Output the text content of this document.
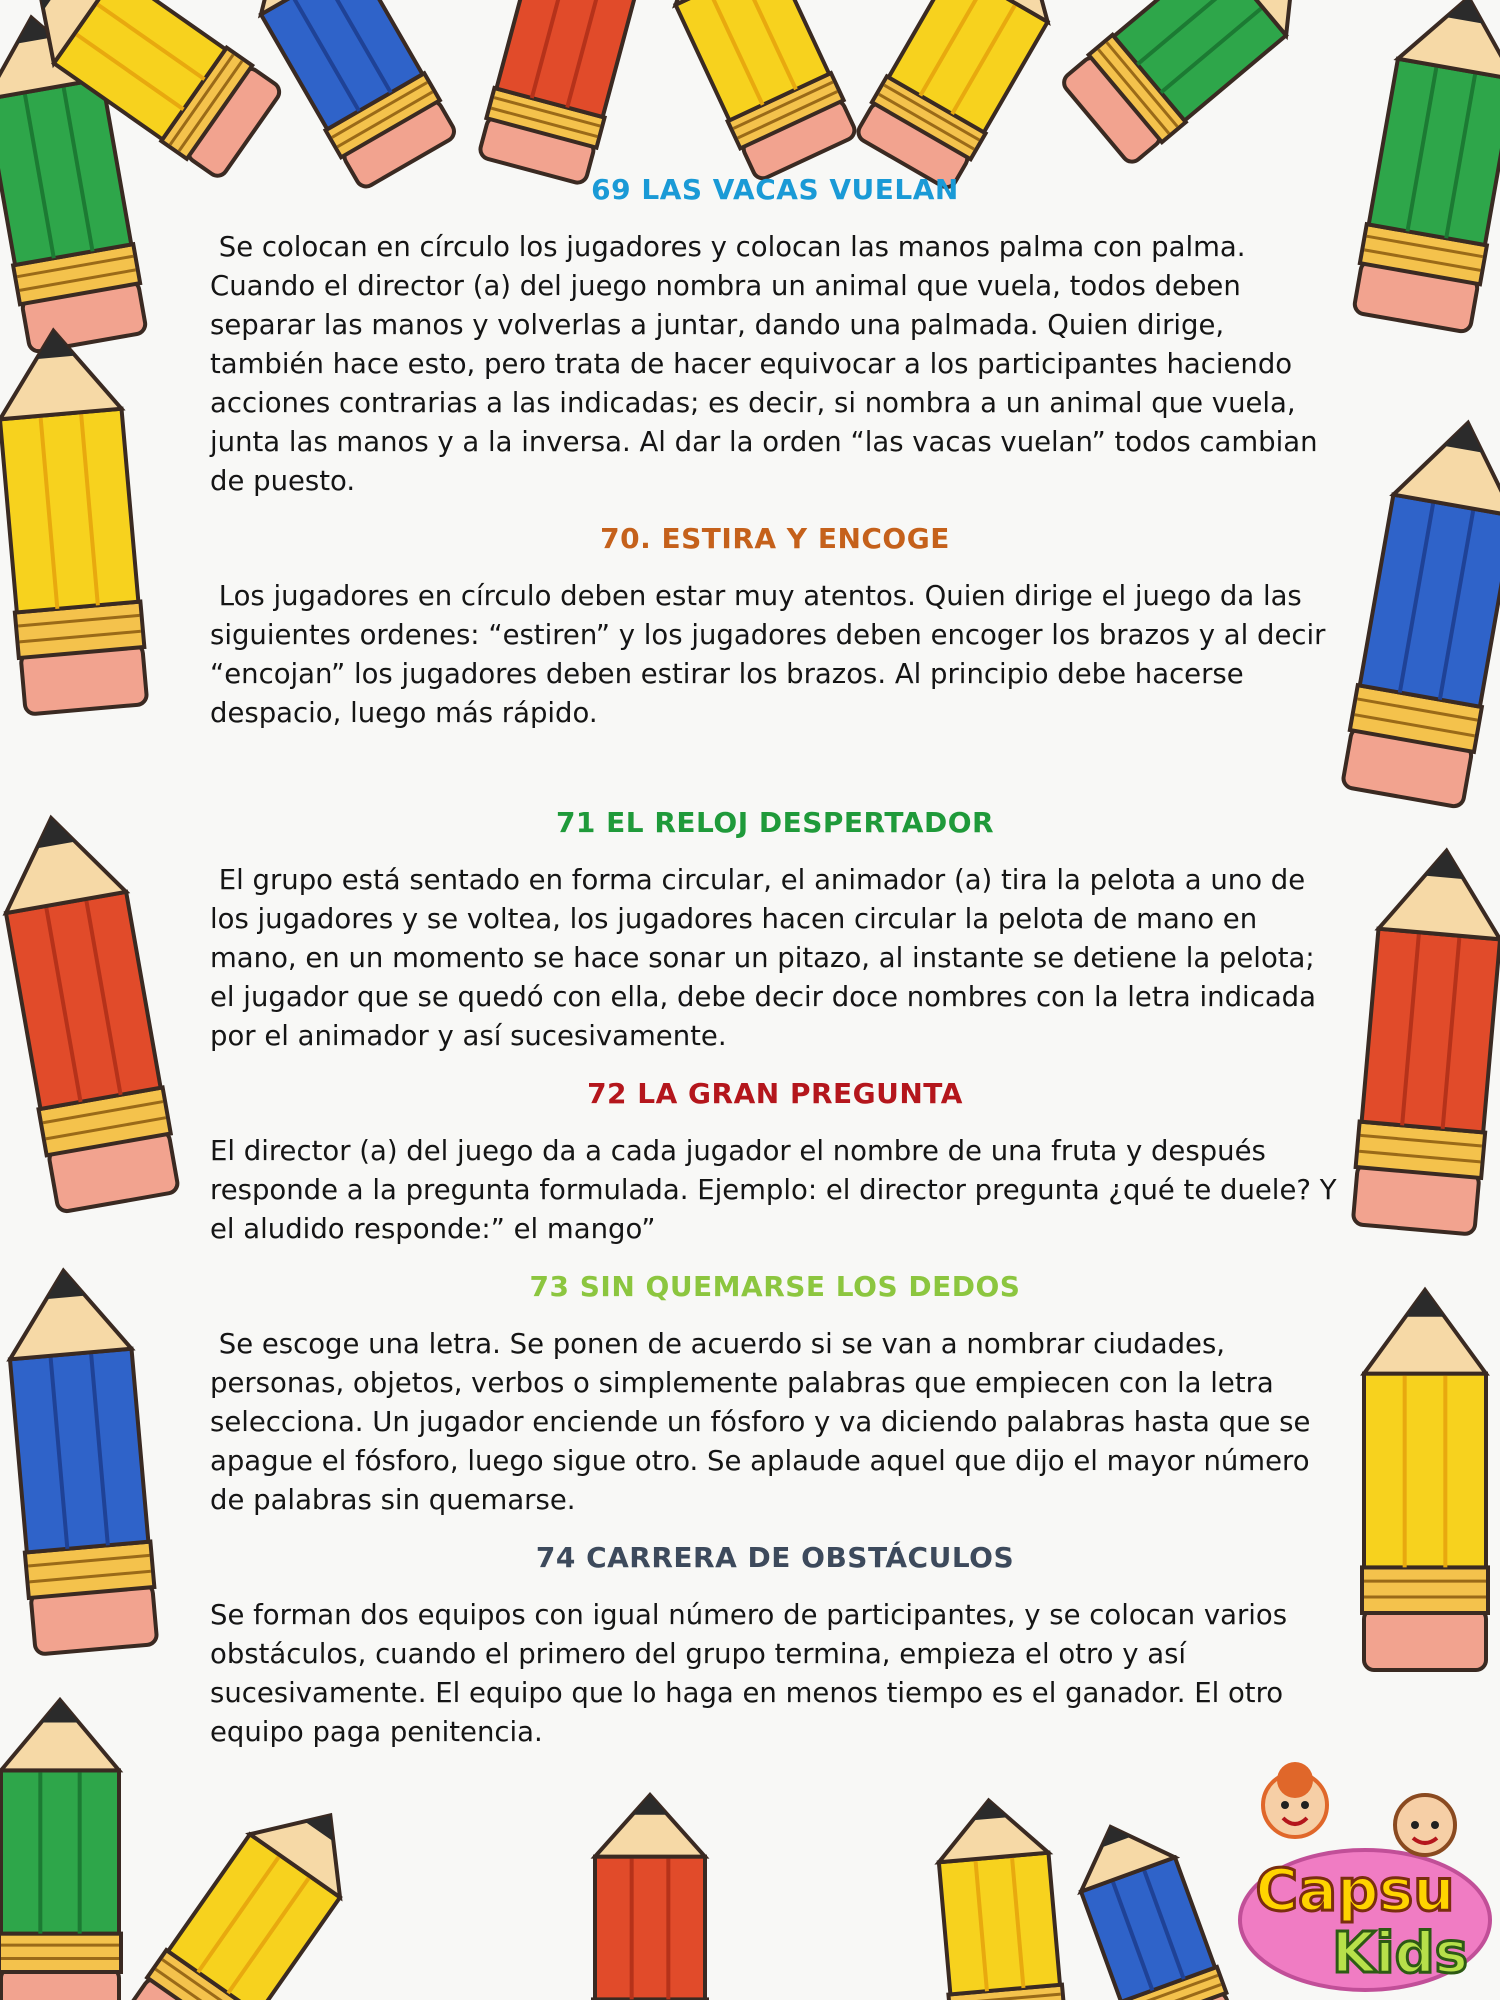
69 LAS VACAS VUELAN

Se colocan en círculo los jugadores y colocan las manos palma con palma. Cuando el director (a) del juego nombra un animal que vuela, todos deben separar las manos y volverlas a juntar, dando una palmada. Quien dirige, también hace esto, pero trata de hacer equivocar a los participantes haciendo acciones contrarias a las indicadas; es decir, si nombra a un animal que vuela, junta las manos y a la inversa. Al dar la orden “las vacas vuelan” todos cambian de puesto.

70. ESTIRA Y ENCOGE

Los jugadores en círculo deben estar muy atentos. Quien dirige el juego da las siguientes ordenes: “estiren” y los jugadores deben encoger los brazos y al decir “encojan” los jugadores deben estirar los brazos. Al principio debe hacerse despacio, luego más rápido.

71 EL RELOJ DESPERTADOR

El grupo está sentado en forma circular, el animador (a) tira la pelota a uno de los jugadores y se voltea, los jugadores hacen circular la pelota de mano en mano, en un momento se hace sonar un pitazo, al instante se detiene la pelota; el jugador que se quedó con ella, debe decir doce nombres con la letra indicada por el animador y así sucesivamente.

72 LA GRAN PREGUNTA

El director (a) del juego da a cada jugador el nombre de una fruta y después responde a la pregunta formulada. Ejemplo: el director pregunta ¿qué te duele? Y el aludido responde:” el mango”

73 SIN QUEMARSE LOS DEDOS

Se escoge una letra. Se ponen de acuerdo si se van a nombrar ciudades, personas, objetos, verbos o simplemente palabras que empiecen con la letra selecciona. Un jugador enciende un fósforo y va diciendo palabras hasta que se apague el fósforo, luego sigue otro. Se aplaude aquel que dijo el mayor número de palabras sin quemarse.

74 CARRERA DE OBSTÁCULOS

Se forman dos equipos con igual número de participantes, y se colocan varios obstáculos, cuando el primero del grupo termina, empieza el otro y así sucesivamente. El equipo que lo haga en menos tiempo es el ganador. El otro equipo paga penitencia.

Capsu
Kids
